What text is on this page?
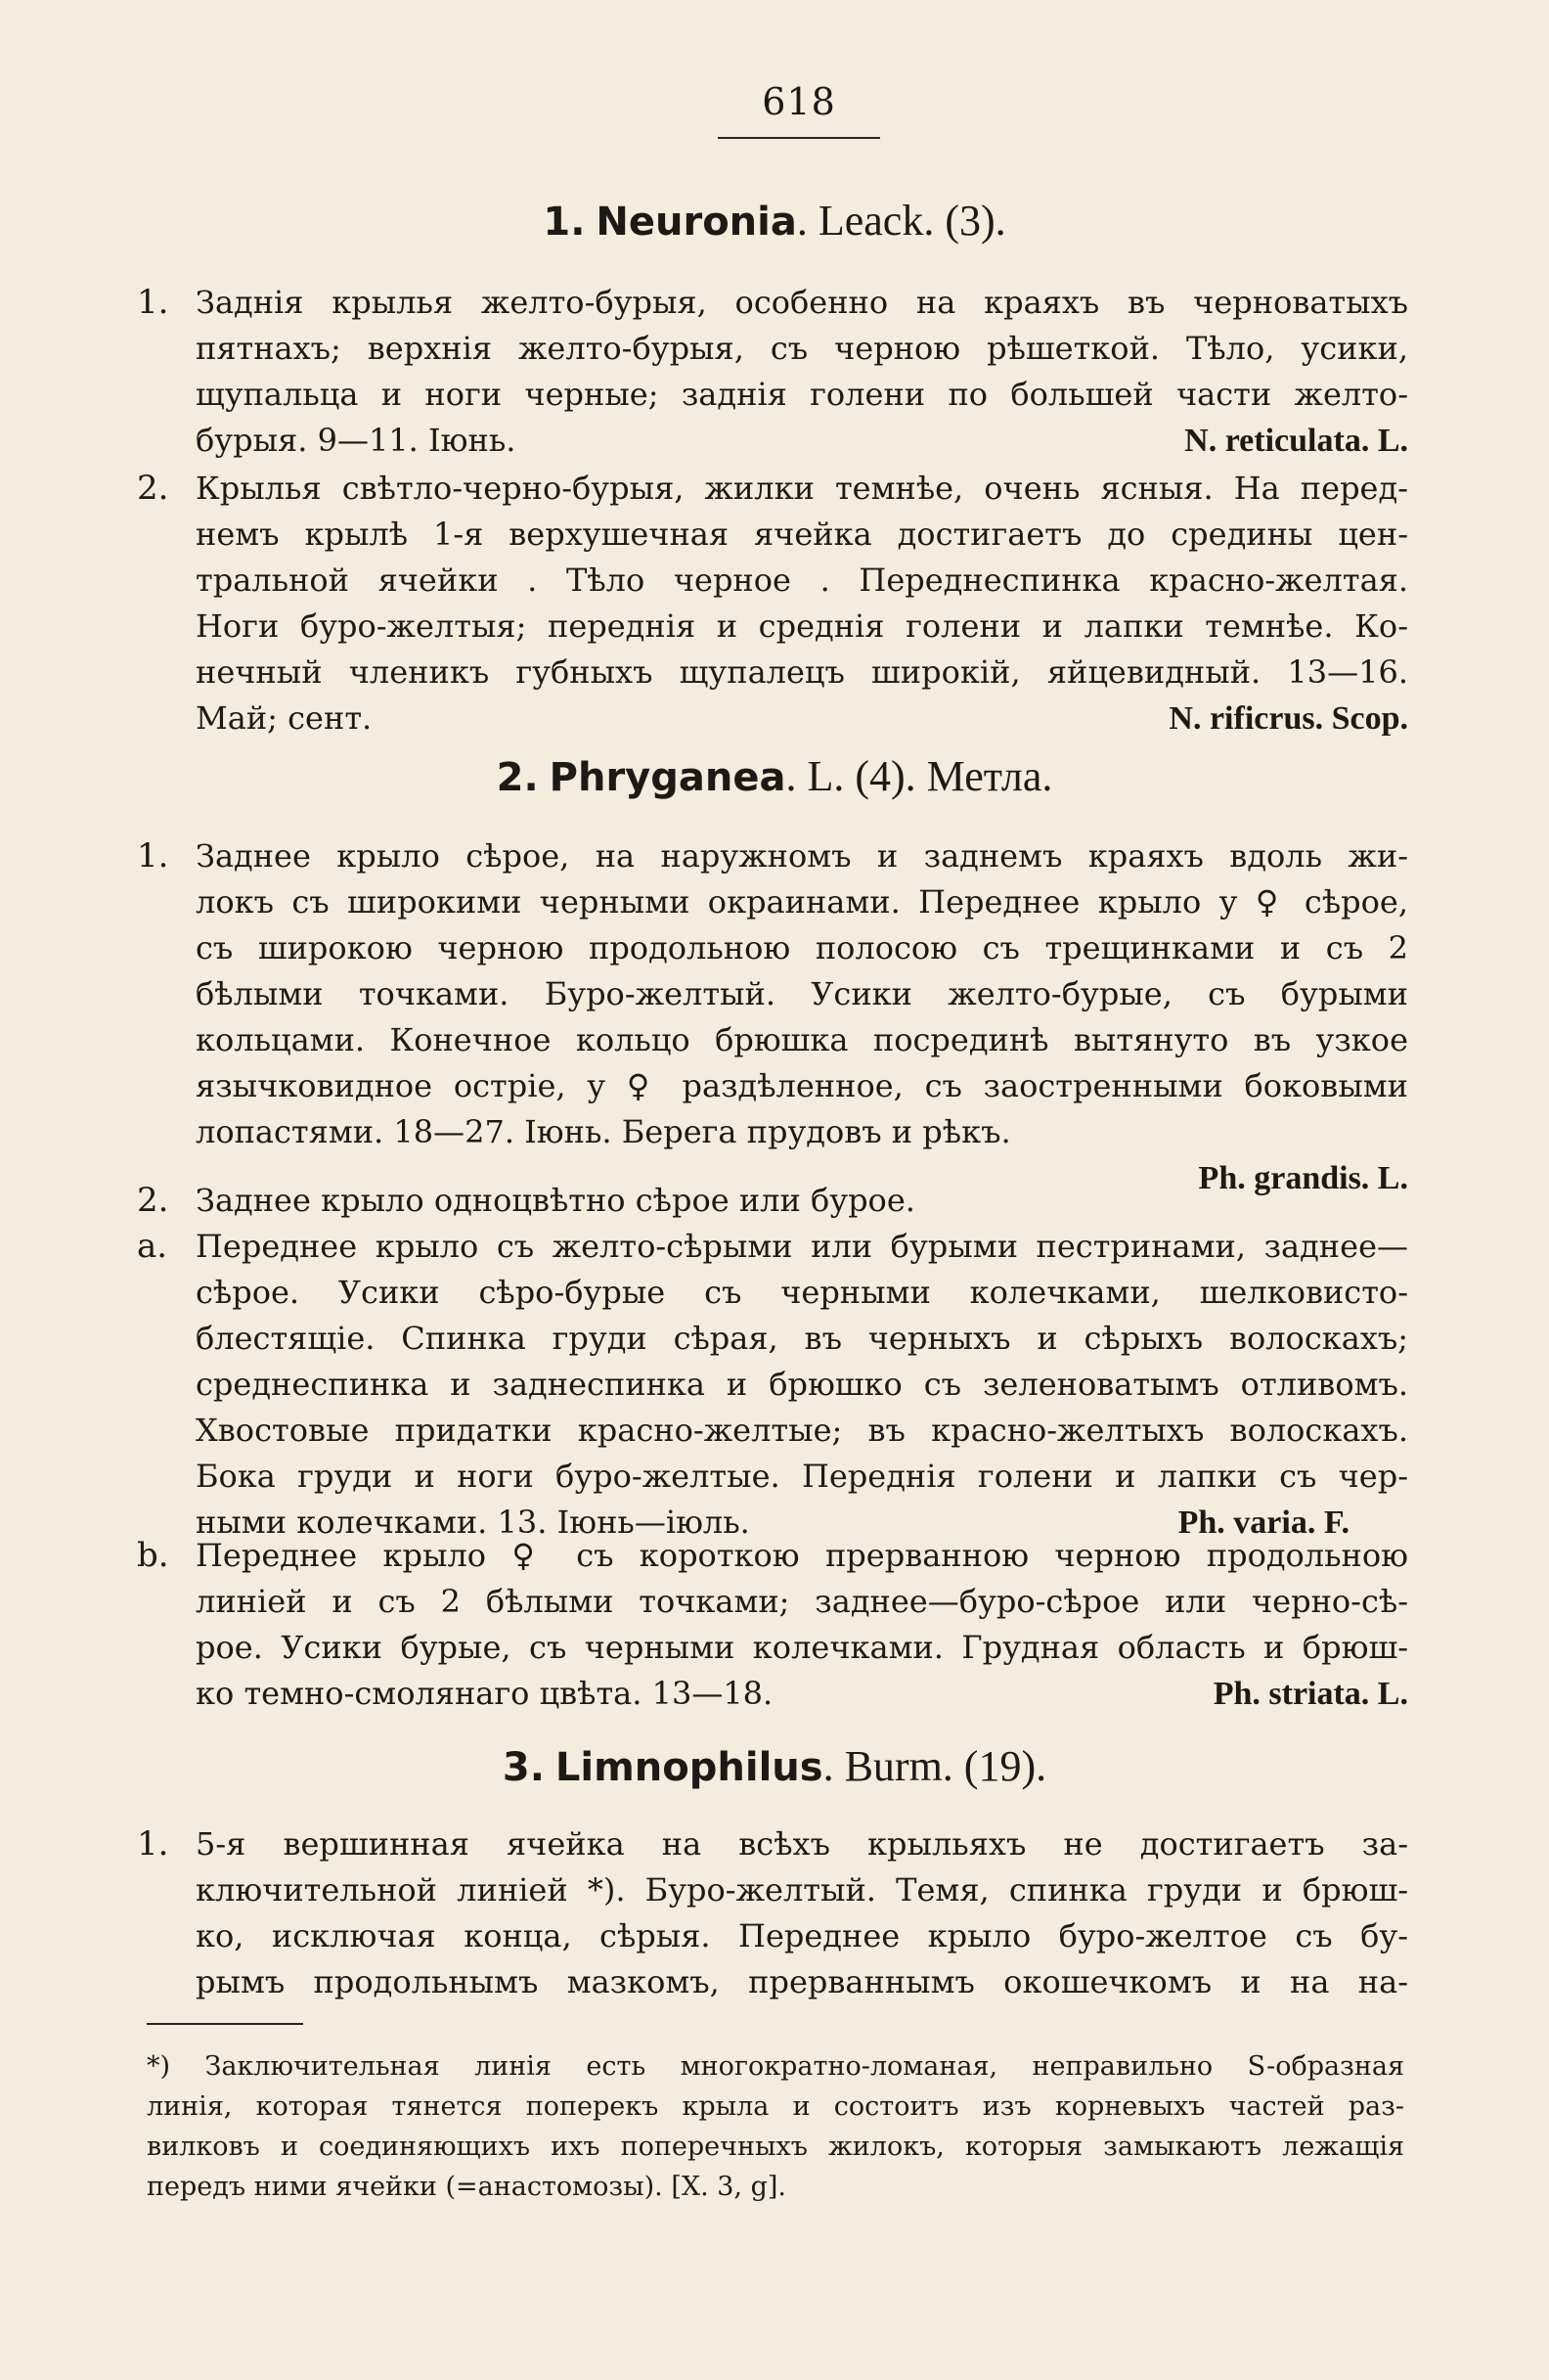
618
1. Neuronia. Leack. (3).
1. Заднія крылья желто-бурыя, особенно на краяхъ въ черноватыхъ
пятнахъ; верхнія желто-бурыя, съ черною рѣшеткой. Тѣло, усики,
щупальца и ноги черные; заднія голени по большей части желто-
бурыя. 9—11. Іюнь.	N. reticulata. L.
2. Крылья свѣтло-черно-бурыя, жилки темнѣе, очень ясныя. На перед-
немъ крылѣ 1-я верхушечная ячейка достигаетъ до средины цен-
тральной ячейки . Тѣло черное . Переднеспинка красно-желтая.
Ноги буро-желтыя; переднія и среднія голени и лапки темнѣе. Ко-
нечный членикъ губныхъ щупалецъ широкій, яйцевидный. 13—16.
Май; сент.	N. rificrus. Scop.
2. Phryganea. L. (4). Метла.
1. Заднее крыло сѣрое, на наружномъ и заднемъ краяхъ вдоль жи-
локъ съ широкими черными окраинами. Переднее крыло у ♀ сѣрое,
съ широкою черною продольною полосою съ трещинками и съ 2
бѣлыми точками. Буро-желтый. Усики желто-бурые, съ бурыми
кольцами. Конечное кольцо брюшка посрединѣ вытянуто въ узкое
язычковидное остріе, у ♀ раздѣленное, съ заостренными боковыми
лопастями. 18—27. Іюнь. Берега прудовъ и рѣкъ.
Ph. grandis. L.
2. Заднее крыло одноцвѣтно сѣрое или бурое.
a. Переднее крыло съ желто-сѣрыми или бурыми пестринами, заднее—
сѣрое. Усики сѣро-бурые съ черными колечками, шелковисто-
блестящіе. Спинка груди сѣрая, въ черныхъ и сѣрыхъ волоскахъ;
среднеспинка и заднеспинка и брюшко съ зеленоватымъ отливомъ.
Хвостовые придатки красно-желтые; въ красно-желтыхъ волоскахъ.
Бока груди и ноги буро-желтые. Переднія голени и лапки съ чер-
ными колечками. 13. Іюнь—іюль.	Ph. varia. F.
b. Переднее крыло ♀ съ короткою прерванною черною продольною
линіей и съ 2 бѣлыми точками; заднее—буро-сѣрое или черно-сѣ-
рое. Усики бурые, съ черными колечками. Грудная область и брюш-
ко темно-смолянаго цвѣта. 13—18.	Ph. striata. L.
3. Limnophilus. Burm. (19).
1. 5-я вершинная ячейка на всѣхъ крыльяхъ не достигаетъ за-
ключительной линіей *). Буро-желтый. Темя, спинка груди и брюш-
ко, исключая конца, сѣрыя. Переднее крыло буро-желтое съ бу-
рымъ продольнымъ мазкомъ, прерваннымъ окошечкомъ и на на-
*) Заключительная линія есть многократно-ломаная, неправильно S-образная
линія, которая тянется поперекъ крыла и состоитъ изъ корневыхъ частей раз-
вилковъ и соединяющихъ ихъ поперечныхъ жилокъ, которыя замыкаютъ лежащія
передъ ними ячейки (=анастомозы). [X. 3, g].
